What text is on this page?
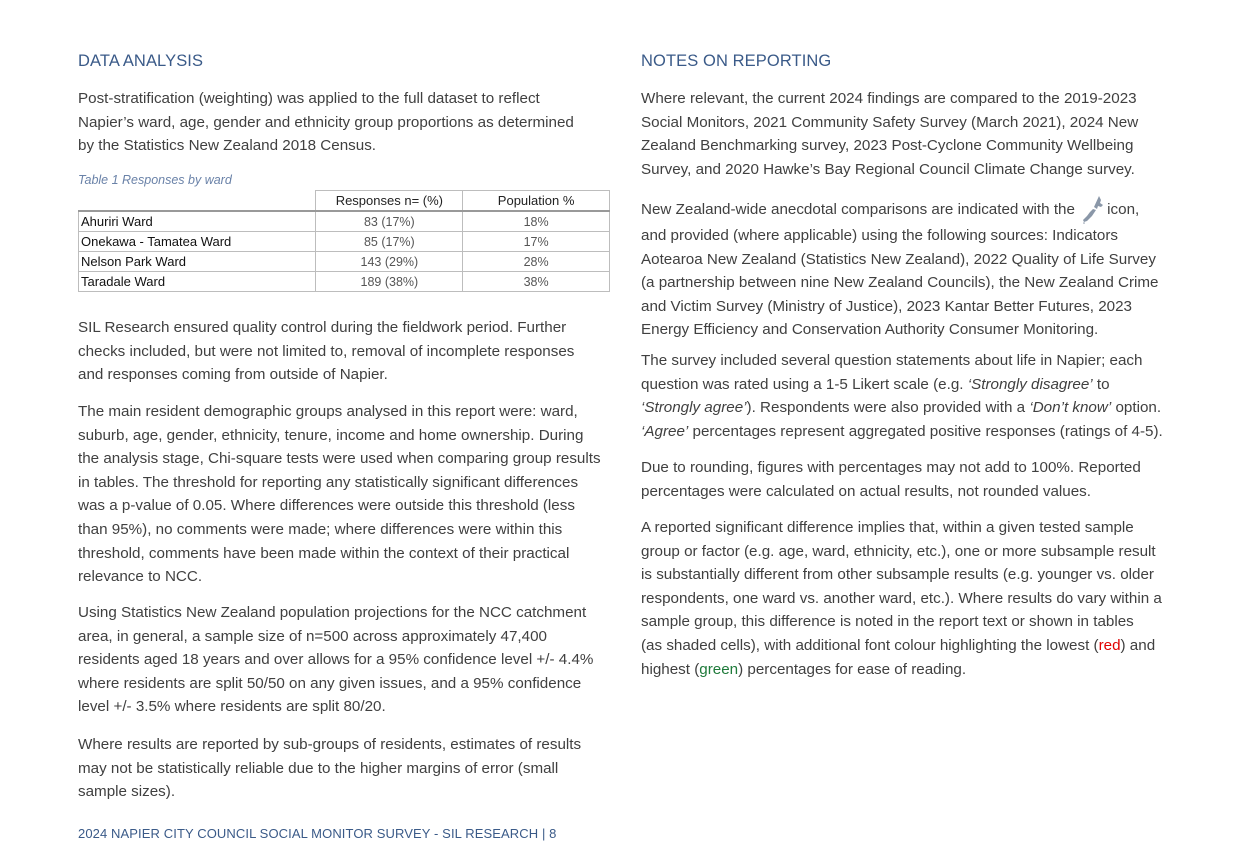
DATA ANALYSIS
Post-stratification (weighting) was applied to the full dataset to reflect
Napier’s ward, age, gender and ethnicity group proportions as determined
by the Statistics New Zealand 2018 Census.

Table 1 Responses by ward

	Responses n= (%)	Population %
Ahuriri Ward	83 (17%)	18%
Onekawa - Tamatea Ward	85 (17%)	17%
Nelson Park Ward	143 (29%)	28%
Taradale Ward	189 (38%)	38%
SIL Research ensured quality control during the fieldwork period. Further
checks included, but were not limited to, removal of incomplete responses
and responses coming from outside of Napier.
The main resident demographic groups analysed in this report were: ward,
suburb, age, gender, ethnicity, tenure, income and home ownership. During
the analysis stage, Chi-square tests were used when comparing group results
in tables. The threshold for reporting any statistically significant differences
was a p-value of 0.05. Where differences were outside this threshold (less
than 95%), no comments were made; where differences were within this
threshold, comments have been made within the context of their practical
relevance to NCC.
Using Statistics New Zealand population projections for the NCC catchment
area, in general, a sample size of n=500 across approximately 47,400
residents aged 18 years and over allows for a 95% confidence level +/- 4.4%
where residents are split 50/50 on any given issues, and a 95% confidence
level +/- 3.5% where residents are split 80/20.
Where results are reported by sub-groups of residents, estimates of results
may not be statistically reliable due to the higher margins of error (small
sample sizes).
NOTES ON REPORTING
Where relevant, the current 2024 findings are compared to the 2019-2023
Social Monitors, 2021 Community Safety Survey (March 2021), 2024 New
Zealand Benchmarking survey, 2023 Post-Cyclone Community Wellbeing
Survey, and 2020 Hawke’s Bay Regional Council Climate Change survey.
New Zealand-wide anecdotal comparisons are indicated with the icon,
and provided (where applicable) using the following sources: Indicators
Aotearoa New Zealand (Statistics New Zealand), 2022 Quality of Life Survey
(a partnership between nine New Zealand Councils), the New Zealand Crime
and Victim Survey (Ministry of Justice), 2023 Kantar Better Futures, 2023
Energy Efficiency and Conservation Authority Consumer Monitoring.
The survey included several question statements about life in Napier; each
question was rated using a 1-5 Likert scale (e.g. ‘Strongly disagree’ to
‘Strongly agree’). Respondents were also provided with a ‘Don’t know’ option.
‘Agree’ percentages represent aggregated positive responses (ratings of 4-5).
Due to rounding, figures with percentages may not add to 100%. Reported
percentages were calculated on actual results, not rounded values.
A reported significant difference implies that, within a given tested sample
group or factor (e.g. age, ward, ethnicity, etc.), one or more subsample result
is substantially different from other subsample results (e.g. younger vs. older
respondents, one ward vs. another ward, etc.). Where results do vary within a
sample group, this difference is noted in the report text or shown in tables
(as shaded cells), with additional font colour highlighting the lowest (red) and
highest (green) percentages for ease of reading.

2024 NAPIER CITY COUNCIL SOCIAL MONITOR SURVEY - SIL RESEARCH | 8
